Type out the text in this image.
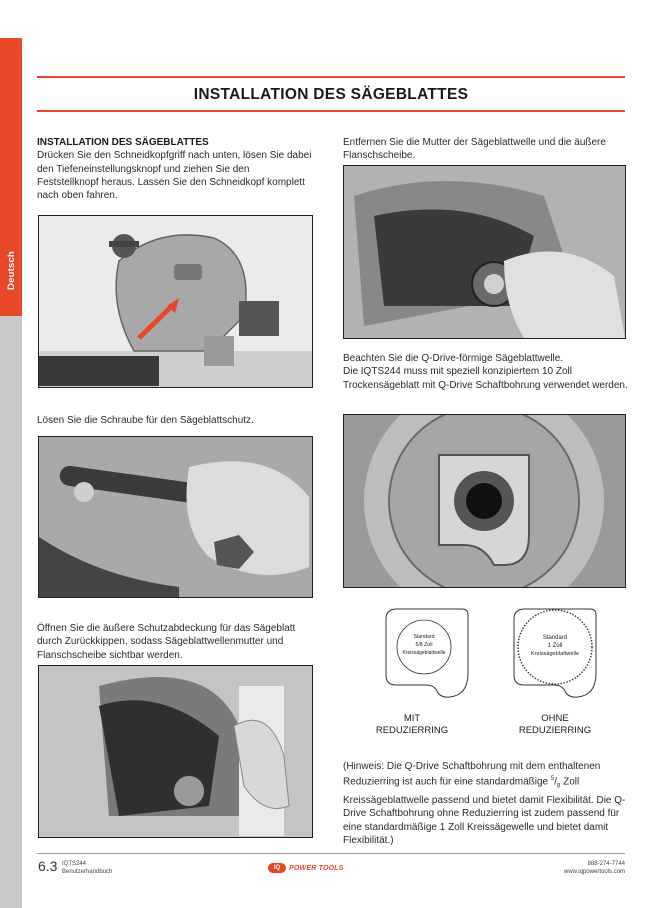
Deutsch
INSTALLATION DES SÄGEBLATTES
INSTALLATION DES SÄGEBLATTES
Drücken Sie den Schneidkopfgriff nach unten, lösen Sie dabei den Tiefeneinstellungsknopf und ziehen Sie den Feststellknopf heraus. Lassen Sie den Schneidkopf komplett nach oben fahren.
Lösen Sie die Schraube für den Sägeblattschutz.
Öffnen Sie die äußere Schutzabdeckung für das Sägeblatt durch Zurückkippen, sodass Sägeblattwellenmutter und Flanschscheibe sichtbar werden.
Entfernen Sie die Mutter der Sägeblattwelle und die äußere Flanschscheibe.
Beachten Sie die Q-Drive-förmige Sägeblattwelle.
Die IQTS244 muss mit speziell konzipiertem 10 Zoll Trockensägeblatt mit Q-Drive Schaftbohrung verwendet werden.
Standard
5/8 Zoll
Kreissägeblattwelle
MIT
REDUZIERRING
Standard
1 Zoll
Kreissägeblattwelle
OHNE
REDUZIERRING
(Hinweis: Die Q-Drive Schaftbohrung mit dem enthaltenen Reduzierring ist auch für eine standardmäßige $^5/_8$ Zoll Kreissägeblattwelle passend und bietet damit Flexibilität. Die Q-Drive Schaftbohrung ohne Reduzierring ist zudem passend für eine standardmäßige 1 Zoll Kreissägewelle und bietet damit Flexibilität.)
6.3 IQTS244
Benutzerhandbuch
IQ	POWER TOOLS
888-274-7744
www.iqpowertools.com
